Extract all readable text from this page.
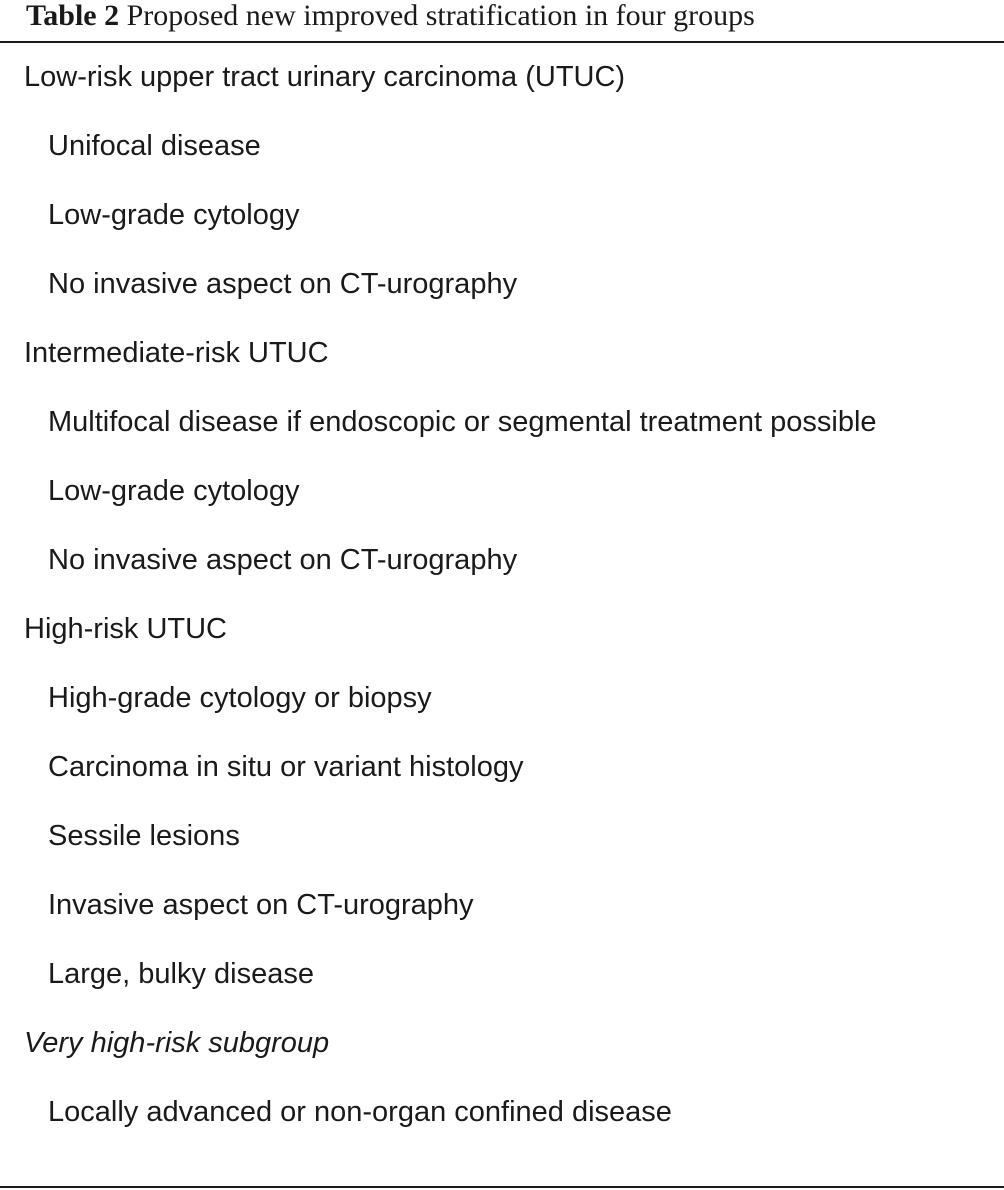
Table 2 Proposed new improved stratification in four groups
Low-risk upper tract urinary carcinoma (UTUC)
Unifocal disease
Low-grade cytology
No invasive aspect on CT-urography
Intermediate-risk UTUC
Multifocal disease if endoscopic or segmental treatment possible
Low-grade cytology
No invasive aspect on CT-urography
High-risk UTUC
High-grade cytology or biopsy
Carcinoma in situ or variant histology
Sessile lesions
Invasive aspect on CT-urography
Large, bulky disease
Very high-risk subgroup
Locally advanced or non-organ confined disease
